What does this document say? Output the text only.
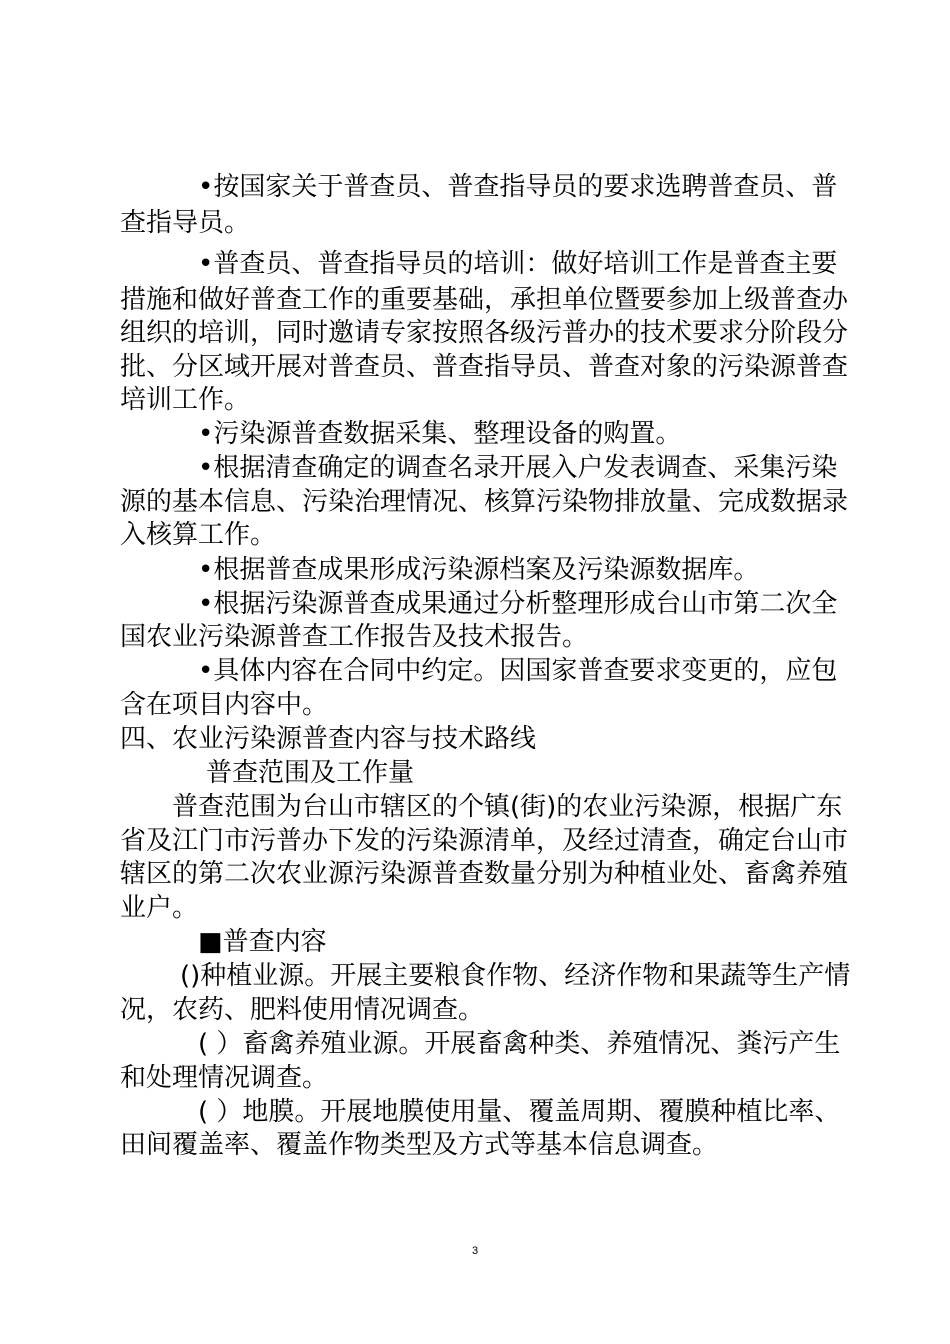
•按国家关于普查员、普查指导员的要求选聘普查员、普
查指导员。
•普查员、普查指导员的培训：做好培训工作是普查主要
措施和做好普查工作的重要基础，承担单位暨要参加上级普查办
组织的培训，同时邀请专家按照各级污普办的技术要求分阶段分
批、分区域开展对普查员、普查指导员、普查对象的污染源普查
培训工作。
•污染源普查数据采集、整理设备的购置。
•根据清查确定的调查名录开展入户发表调查、采集污染
源的基本信息、污染治理情况、核算污染物排放量、完成数据录
入核算工作。
•根据普查成果形成污染源档案及污染源数据库。
•根据污染源普查成果通过分析整理形成台山市第二次全
国农业污染源普查工作报告及技术报告。
•具体内容在合同中约定。因国家普查要求变更的，应包
含在项目内容中。
四、农业污染源普查内容与技术路线
普查范围及工作量
普查范围为台山市辖区的个镇(街)的农业污染源，根据广东
省及江门市污普办下发的污染源清单，及经过清查，确定台山市
辖区的第二次农业源污染源普查数量分别为种植业处、畜禽养殖
业户。
■普查内容
()种植业源。开展主要粮食作物、经济作物和果蔬等生产情
况，农药、肥料使用情况调查。
( ）畜禽养殖业源。开展畜禽种类、养殖情况、粪污产生
和处理情况调查。
( ）地膜。开展地膜使用量、覆盖周期、覆膜种植比率、
田间覆盖率、覆盖作物类型及方式等基本信息调查。
3
